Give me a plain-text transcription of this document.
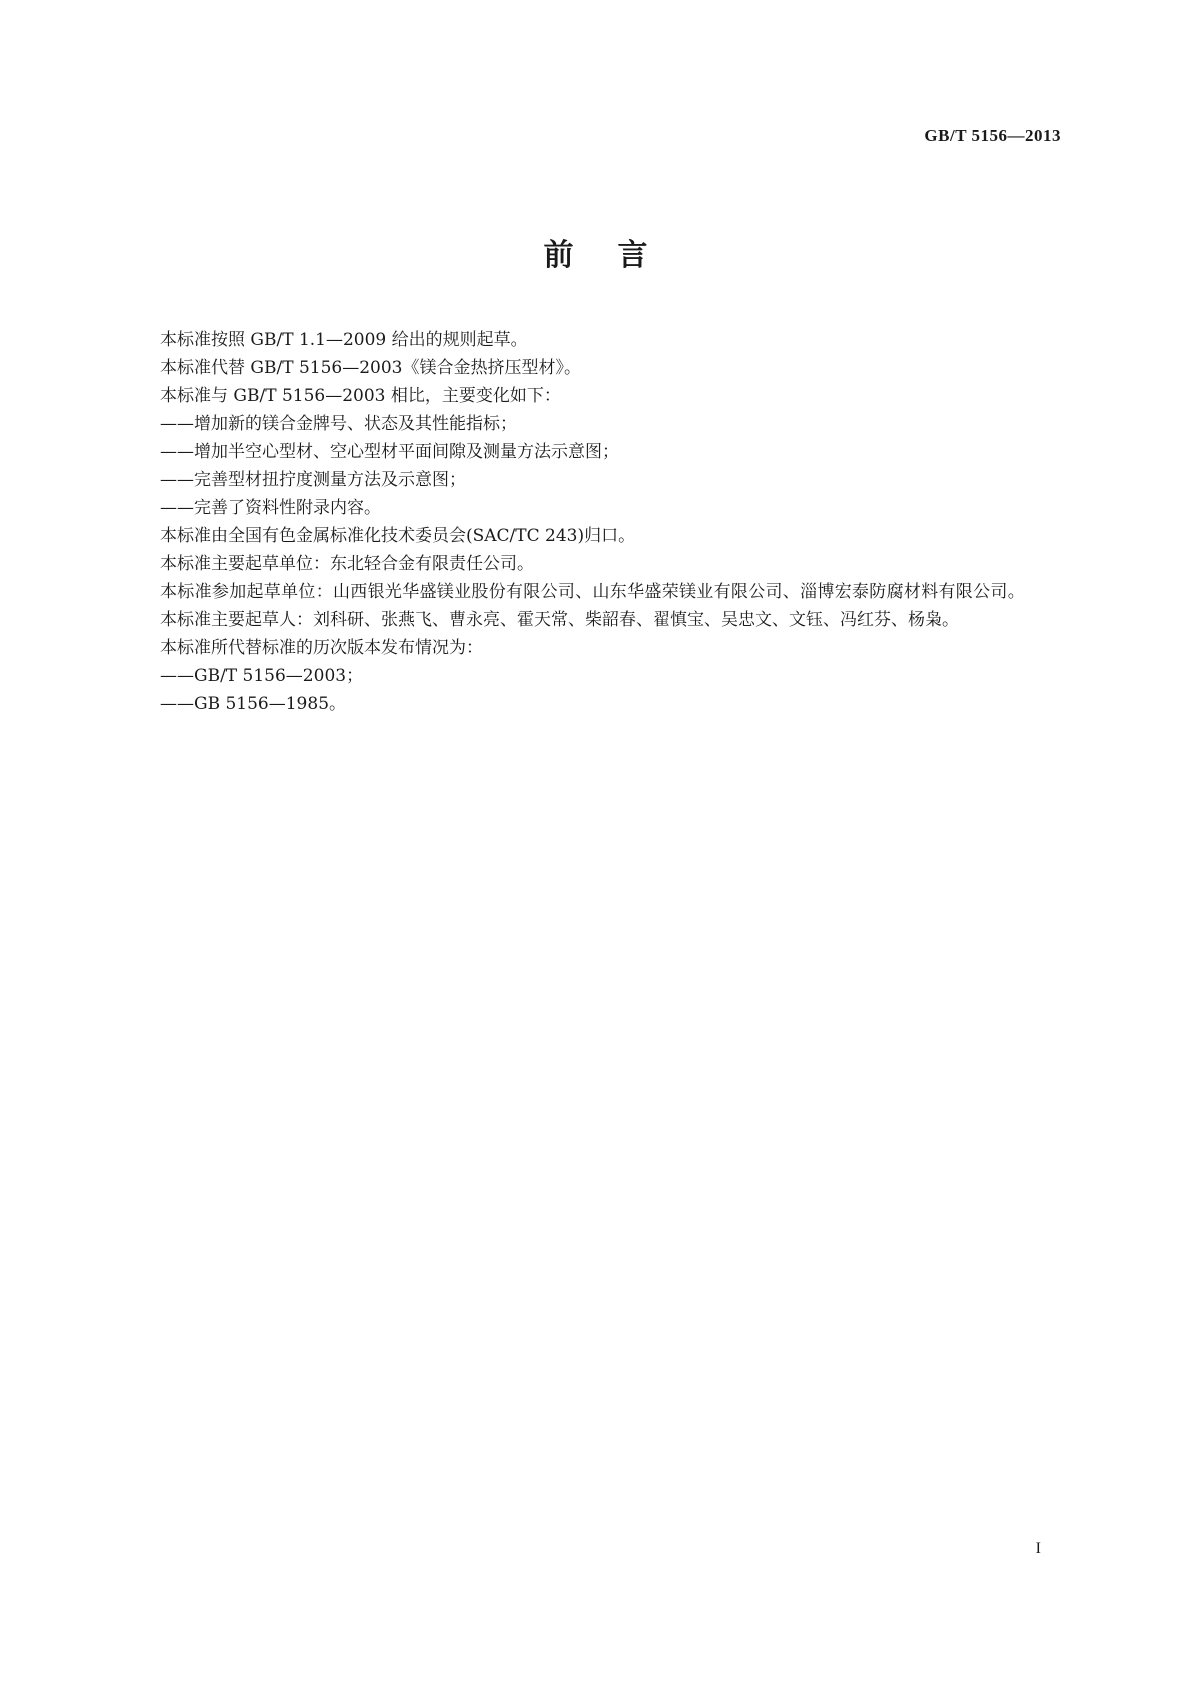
GB/T 5156—2013
前言

本标准按照 GB/T 1.1—2009 给出的规则起草。

本标准代替 GB/T 5156—2003《镁合金热挤压型材》。

本标准与 GB/T 5156—2003 相比，主要变化如下：

——增加新的镁合金牌号、状态及其性能指标；

——增加半空心型材、空心型材平面间隙及测量方法示意图；

——完善型材扭拧度测量方法及示意图；

——完善了资料性附录内容。

本标准由全国有色金属标准化技术委员会(SAC/TC 243)归口。

本标准主要起草单位：东北轻合金有限责任公司。

本标准参加起草单位：山西银光华盛镁业股份有限公司、山东华盛荣镁业有限公司、淄博宏泰防腐材料有限公司。

本标准主要起草人：刘科研、张燕飞、曹永亮、霍天常、柴韶春、翟慎宝、吴忠文、文钰、冯红芬、杨枭。

本标准所代替标准的历次版本发布情况为：

——GB/T 5156—2003；

——GB 5156—1985。

I
